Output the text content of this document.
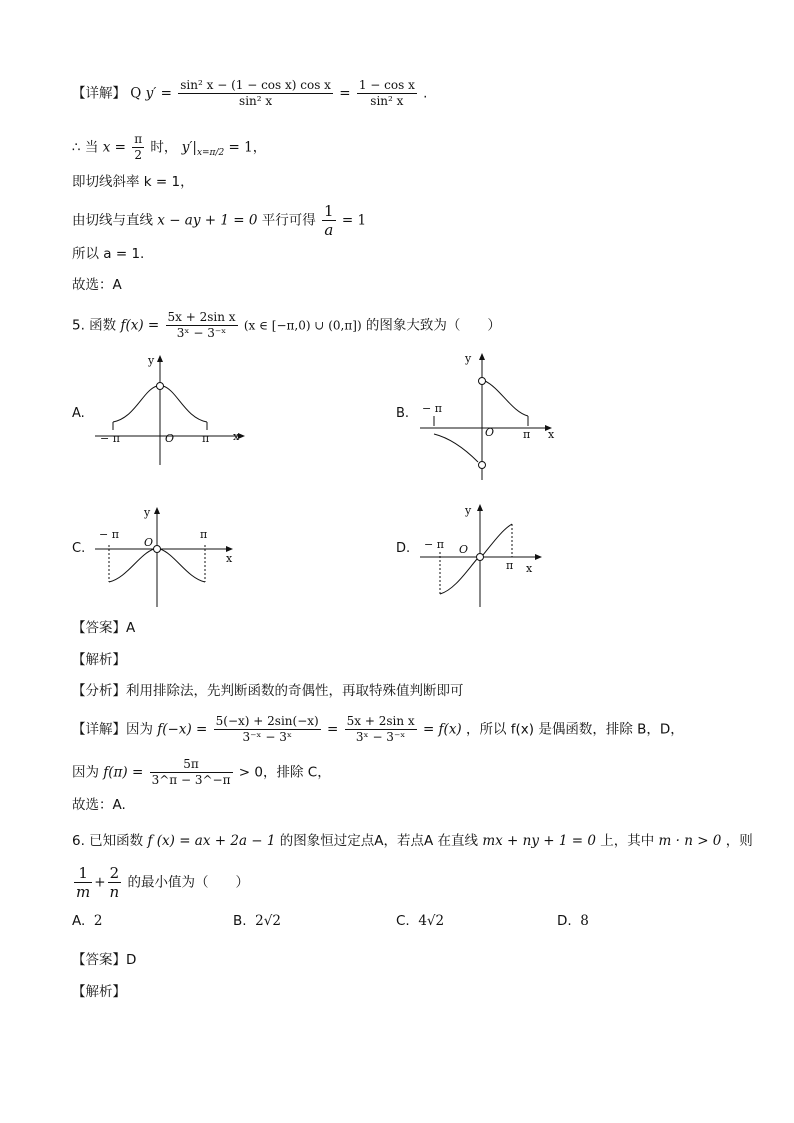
【详解】 Q $y' = \frac{\text{sin² x − (1 − cos x) cos x}}{\text{sin² x}} = \frac{\text{1 − cos x}}{\text{sin² x}}$ .
∴ 当 $x = \frac{\pi}{2}$ 时， $y'|_{x=\pi/2} = 1$，
即切线斜率 k = 1，
由切线与直线 x − ay + 1 = 0 平行可得 $\frac{1}{a} = 1$
所以 a = 1.
故选：A
5. 函数 $f(x) = \frac{\text{5x + 2sin x}}{\text{3ˣ − 3⁻ˣ}} (x$ ∈ [−π,0) ∪ (0,π]) 的图象大致为（　　）
A.
y
x
O
− π	π
B.
y
x
O
− π
π
C.
y
x
O
− π	π
D.
y
x
O
− π
π
【答案】A
【解析】
【分析】利用排除法，先判断函数的奇偶性，再取特殊值判断即可
【详解】因为 $f(-x) = \frac{5(-x) + 2\sin(-x)}{\text{3⁻ˣ − 3ˣ}} = \frac{\text{5x + 2sin x}}{\text{3ˣ − 3⁻ˣ}} = f(x)$ ，所以 f(x) 是偶函数，排除 B，D，
因为 $f(\pi) = \frac{5\pi}{3\^{}\pi - 3\^{}-\pi} > 0$，排除 C，
故选：A.
6. 已知函数 f (x) = ax + 2a − 1 的图象恒过定点A，若点A 在直线 mx + ny + 1 = 0 上，其中 m · n > 0 ，则
$\frac{1}{m} + \frac{2}{n}$ 的最小值为（　　）
A. 2	B. 2√2	C. 4√2	D. 8
【答案】D
【解析】
